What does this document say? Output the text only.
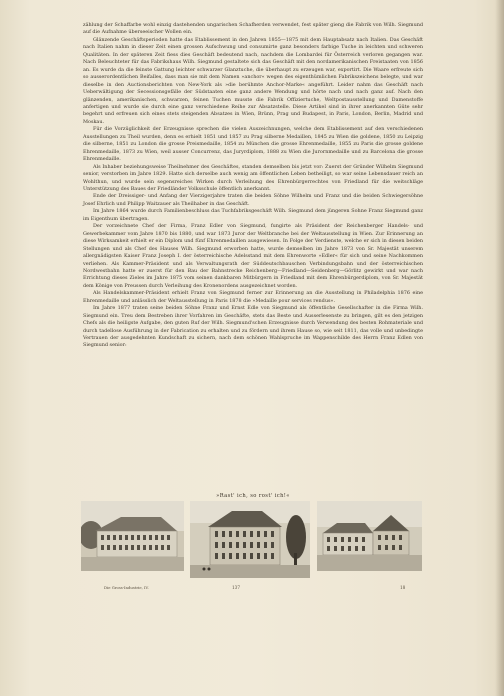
zählung der Schaffarbe wohl einzig dastehenden ungarischen Schafherden verwendet, fest später gieng die Fabrik von Wilh. Siegmund auf die Aufnahme überseeischer Wollen ein.

Glänzende Geschäftsperioden hatte das Etablissement in den Jahren 1855—1875 mit dem Hauptabsatz nach Italien. Das Geschäft nach Italien nahm in dieser Zeit einen grossen Aufschwung und consumirte ganz besonders farbige Tuche in leichten und schweren Qualitäten. In der späteren Zeit fiess dies Geschäft bedeutend nach, nachdem die Lombardei für Österreich verloren gegangen war. Nach Beleuchteter für das Fabrikshaus Wilh. Siegmund gestaltete sich das Geschäft mit den nordamerikanischen Freistaaten von 1856 an. Es wurde da die feinste Gattung leichter schwarzer Glanztuche, die überhaupt zu erzeugen war, exportirt. Die Waare erfreute sich so ausserordentlichen Beifalles, dass man sie mit dem Namen »anchor« wegen des eigenthümlichen Fabrikszeichens belegte, und war dieselbe in den Auctionsberichten von New-York als »die berühmte Anchor-Marke« angeführt. Leider nahm das Geschäft nach Ueberwältigung der Secessionsgefälle der Südstaaten eine ganz andere Wendung und hörte nach und nach ganz auf. Nach den glänzenden, amerikanischen, schwarzen, feinen Tuchen musste die Fabrik Offiziertuche, Weltpostausstellung und Damenstoffe anfertigen und wurde sie durch eine ganz verschiedene Reihe zur Absatzstelle. Diese Artikel sind in ihrer anerkannten Güte sehr begehrt und erfreuen sich eines stets steigenden Absatzes in Wien, Brünn, Prag und Budapest, in Paris, London, Berlin, Madrid und Moskau.

Für die Vorzüglichkeit der Erzeugnisse sprechen die vielen Auszeichnungen, welche dem Etablissement auf den verschiedenen Ausstellungen zu Theil wurden, denn es erhielt 1851 und 1857 zu Prag silberne Medaillen, 1845 zu Wien die goldene, 1850 zu Leipzig die silberne, 1851 zu London die grosse Preismedaille, 1854 zu München die grosse Ehrenmedaille, 1855 zu Paris die grosse goldene Ehrenmedaille, 1873 zu Wien, weil ausser Concurrenz, das Juryrdiplom, 1888 zu Wien die Jurornmedaille und zu Barcelona die grosse Ehrenmedaille.

Als Inhaber beziehungsweise Theilnehmer des Geschäftes, standen demselben bis jetzt vor: Zuerst der Gründer Wilhelm Siegmund senior, verstorben im Jahre 1829. Hatte sich derselbe auch wenig am öffentlichen Leben betheiligt, so war seine Lebensdauer reich an Wohlthun, und wurde sein segensreiches Wirken durch Verleihung des Ehrenbürgerrechtes von Friedland für die weitschläge Unterstützung des Baues der Friedländer Volksschule öffentlich anerkannt.

Ende der Dreissiger- und Anfang der Vierzigerjahre traten die beiden Söhne Wilhelm und Franz und die beiden Schwiegersöhne Josef Ehrlich und Philipp Waitzauer als Theilhaber in das Geschäft.

Im Jahre 1864 wurde durch Familienbeschluss das Tuchfabriksgeschäft Wilh. Siegmund dem jüngeren Sohne Franz Siegmund ganz im Eigenthum übertragen.

Der vorzeichnete Chef der Firma, Franz Edler von Siegmund, fungirte als Präsident der Reichenberger Handels- und Gewerbekammer vom Jahre 1870 bis 1880, und war 1873 Juror der Weltbranche bei der Weltausstellung in Wien. Zur Erinnerung an diese Wirksamkeit erhielt er ein Diplom und fünf Ehrenmedaillen ausgewiesen. In Folge der Verdienste, welche er sich in diesen beiden Stellungen und als Chef des Hauses Wilh. Siegmund erworben hatte, wurde demselben im Jahre 1873 von Sr. Majestät unserem allergnädigsten Kaiser Franz Joseph I. der österreichische Adelsstand mit dem Ehrenworte »Edler« für sich und seine Nachkommen verliehen. Als Kammer-Präsident und als Verwaltungsrath der Süddeutschbauschen Verbindungsbahn und der österreichischen Nordwestbahn hatte er zuerst für den Bau der Bahnstrecke Reichenberg—Friedland—Seidenberg—Görlitz gewirkt und war nach Errichtung dieses Zieles im Jahre 1875 vom seinen dankbaren Mitbürgern in Friedland mit dem Ehrenbürgerdiplom, von Sr. Majestät dem Könige von Preussen durch Verleihung des Kronenordens ausgezeichnet worden.

Als Handelskammer-Präsident erhielt Franz von Siegmund ferner zur Erinnerung an die Ausstellung in Philadelphia 1876 eine Ehrenmedaille und anlässlich der Weltausstellung in Paris 1878 die »Medaille pour services rendus«.

Im Jahre 1877 traten seine beiden Söhne Franz und Ernst Edle von Siegmund als öffentliche Gesellschafter in die Firma Wilh. Siegmund ein. Treu dem Bestreben ihrer Vorfahren im Geschäfte, stets das Beste und Ausserlesenste zu bringen, gilt es den jetzigen Chefs als die heiligste Aufgabe, den guten Ruf der Wilh. Siegmund'schen Erzeugnisse durch Verwendung des besten Rohmateriale und durch tadellose Ausführung in der Fabrication zu erhalten und zu fördern und ihrem Hause so, wie seit 1811, das volle und unbedingte Vertrauen der ausgedehnten Kundschaft zu sichern, nach dem schönen Wahlspruche im Wappenschilde des Herrn Franz Edlen von Siegmund senior:

»Rast' ich, so rost' ich!«
Die Gross-Industrie, IV.	137	18
